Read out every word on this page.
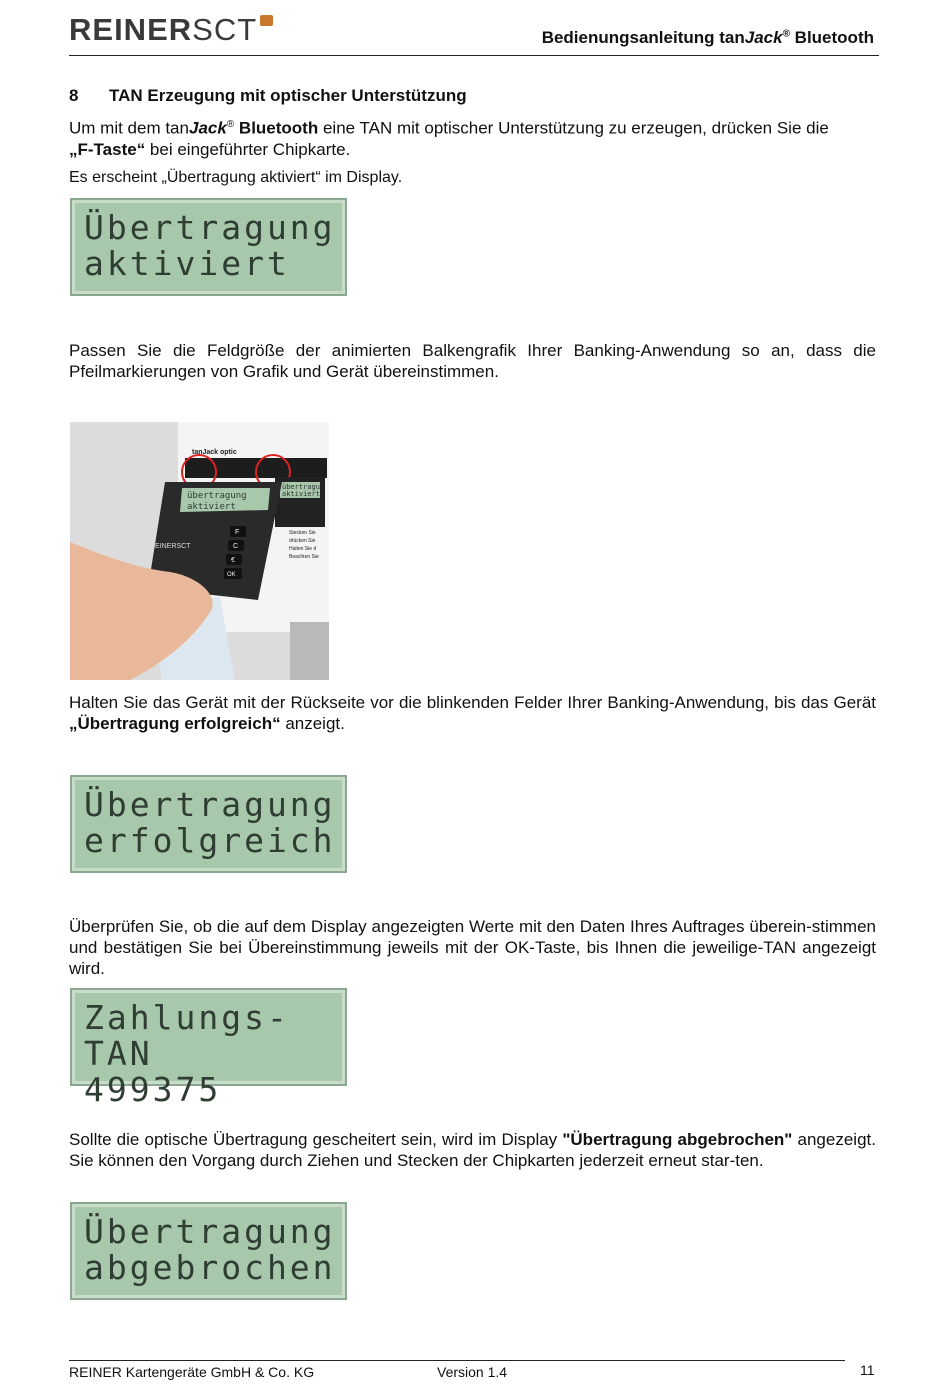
REINERSCT	Bedienungsanleitung tanJack® Bluetooth
8 TAN Erzeugung mit optischer Unterstützung
Um mit dem tanJack® Bluetooth eine TAN mit optischer Unterstützung zu erzeugen, drücken Sie die
„F-Taste“ bei eingeführter Chipkarte.
Es erscheint „Übertragung aktiviert“ im Display.
Übertragung
aktiviert
Passen Sie die Feldgröße der animierten Balkengrafik Ihrer Banking-Anwendung so an, dass die Pfeilmarkierungen von Grafik und Gerät übereinstimmen.
übertragu
aktiviert
tanJack optic
Stecken Sie
drücken Sie
Halten Sie d
Beachten Sie
übertragung
aktiviert
REINERSCT
F
C
€
OK
Halten Sie das Gerät mit der Rückseite vor die blinkenden Felder Ihrer Banking-Anwendung, bis das Gerät „Übertragung erfolgreich“ anzeigt.
Übertragung
erfolgreich
Überprüfen Sie, ob die auf dem Display angezeigten Werte mit den Daten Ihres Auftrages überein-stimmen und bestätigen Sie bei Übereinstimmung jeweils mit der OK-Taste, bis Ihnen die jeweilige-TAN angezeigt wird.
Zahlungs-TAN
499375
Sollte die optische Übertragung gescheitert sein, wird im Display "Übertragung abgebrochen" angezeigt. Sie können den Vorgang durch Ziehen und Stecken der Chipkarten jederzeit erneut star-ten.
Übertragung
abgebrochen
REINER Kartengeräte GmbH & Co. KG	Version 1.4	11
